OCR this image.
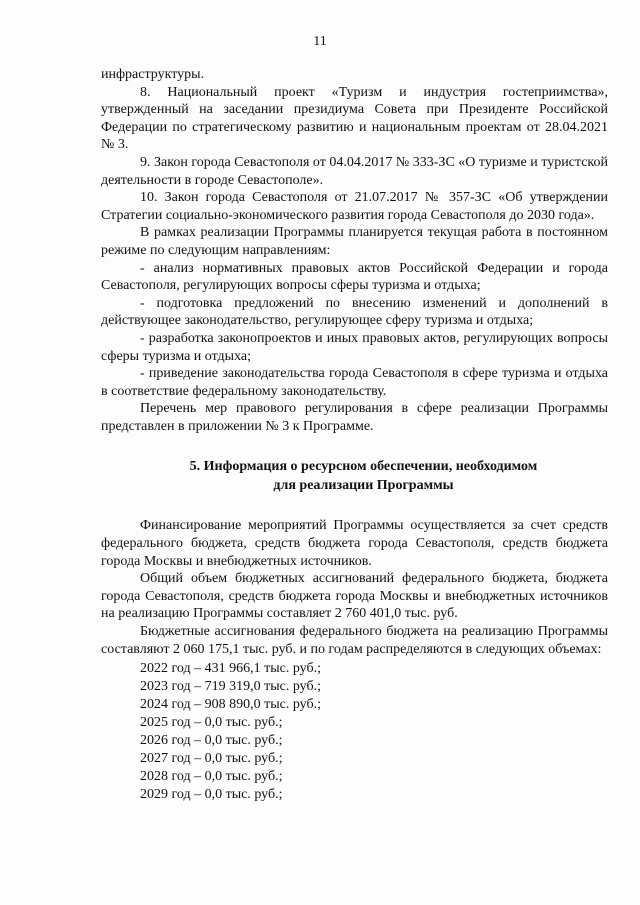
11

инфраструктуры.

8. Национальный проект «Туризм и индустрия гостеприимства», утвержденный на заседании президиума Совета при Президенте Российской Федерации по стратегическому развитию и национальным проектам от 28.04.2021 № 3.

9. Закон города Севастополя от 04.04.2017 № 333-ЗС «О туризме и туристской деятельности в городе Севастополе».

10. Закон города Севастополя от 21.07.2017 № 357-ЗС «Об утверждении Стратегии социально-экономического развития города Севастополя до 2030 года».

В рамках реализации Программы планируется текущая работа в постоянном режиме по следующим направлениям:

- анализ нормативных правовых актов Российской Федерации и города Севастополя, регулирующих вопросы сферы туризма и отдыха;

- подготовка предложений по внесению изменений и дополнений в действующее законодательство, регулирующее сферу туризма и отдыха;

- разработка законопроектов и иных правовых актов, регулирующих вопросы сферы туризма и отдыха;

- приведение законодательства города Севастополя в сфере туризма и отдыха в соответствие федеральному законодательству.

Перечень мер правового регулирования в сфере реализации Программы представлен в приложении № 3 к Программе.

5. Информация о ресурсном обеспечении, необходимом
для реализации Программы

Финансирование мероприятий Программы осуществляется за счет средств федерального бюджета, средств бюджета города Севастополя, средств бюджета города Москвы и внебюджетных источников.

Общий объем бюджетных ассигнований федерального бюджета, бюджета города Севастополя, средств бюджета города Москвы и внебюджетных источников на реализацию Программы составляет 2 760 401,0 тыс. руб.

Бюджетные ассигнования федерального бюджета на реализацию Программы составляют 2 060 175,1 тыс. руб. и по годам распределяются в следующих объемах:

2022 год – 431 966,1 тыс. руб.;
2023 год – 719 319,0 тыс. руб.;
2024 год – 908 890,0 тыс. руб.;
2025 год – 0,0 тыс. руб.;
2026 год – 0,0 тыс. руб.;
2027 год – 0,0 тыс. руб.;
2028 год – 0,0 тыс. руб.;
2029 год – 0,0 тыс. руб.;
